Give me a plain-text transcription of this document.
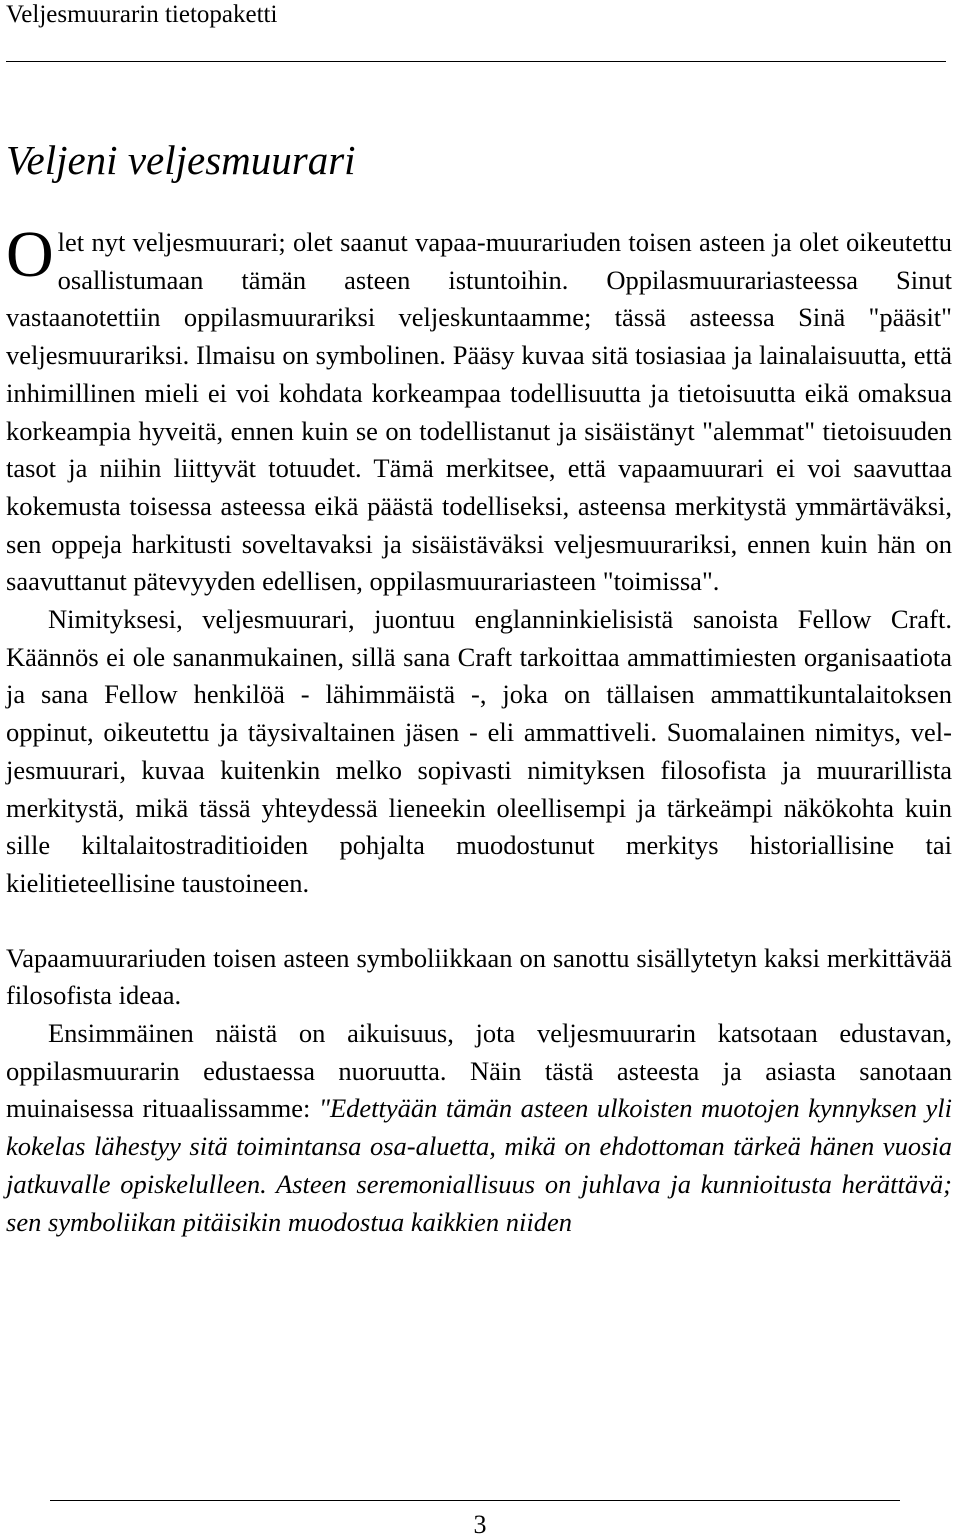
Veljesmuurarin tietopaketti
Veljeni veljesmuurari

Olet nyt veljesmuurari; olet saanut vapaa-muurariuden toisen asteen ja olet oikeutettu osallistumaan tämän asteen istuntoihin. Oppilasmuurariasteessa Sinut vastaanotettiin oppilasmuurariksi veljeskuntaamme; tässä asteessa Sinä "pääsit" veljesmuurariksi. Ilmaisu on symbolinen. Pääsy kuvaa sitä tosiasiaa ja lainalaisuutta, että inhimillinen mieli ei voi kohdata korkeampaa todellisuutta ja tietoisuutta eikä omaksua korkeampia hyveitä, ennen kuin se on todellistanut ja sisäistänyt "alemmat" tietoisuuden tasot ja niihin liittyvät totuudet. Tämä merkitsee, että vapaamuurari ei voi saavuttaa kokemusta toisessa asteessa eikä päästä todelliseksi, asteensa merkitystä ymmärtäväksi, sen oppeja harkitusti soveltavaksi ja sisäistäväksi veljesmuurariksi, ennen kuin hän on saavuttanut pätevyyden edellisen, oppilasmuurariasteen "toimissa".

Nimityksesi, veljesmuurari, juontuu englanninkielisistä sanoista Fellow Craft. Käännös ei ole sananmukainen, sillä sana Craft tarkoittaa ammattimiesten organisaatiota ja sana Fellow henkilöä - lähimmäistä -, joka on tällaisen ammattikuntalaitoksen oppinut, oikeutettu ja täysivaltainen jäsen - eli ammattiveli. Suomalainen nimitys, veljesmuurari, kuvaa kuitenkin melko sopivasti nimityksen filosofista ja muurarillista merkitystä, mikä tässä yhteydessä lieneekin oleellisempi ja tärkeämpi näkökohta kuin sille kiltalaitostraditioiden pohjalta muodostunut merkitys historiallisine tai kielitieteellisine taustoineen.

Vapaamuurariuden toisen asteen symboliikkaan on sanottu sisällytetyn kaksi merkittävää filosofista ideaa.

Ensimmäinen näistä on aikuisuus, jota veljesmuurarin katsotaan edustavan, oppilasmuurarin edustaessa nuoruutta. Näin tästä asteesta ja asiasta sanotaan muinaisessa rituaalissamme: "Edettyään tämän asteen ulkoisten muotojen kynnyksen yli kokelas lähestyy sitä toimintansa osa-aluetta, mikä on ehdottoman tärkeä hänen vuosia jatkuvalle opiskelulleen. Asteen seremoniallisuus on juhlava ja kunnioitusta herättävä; sen symboliikan pitäisikin muodostua kaikkien niiden

3
